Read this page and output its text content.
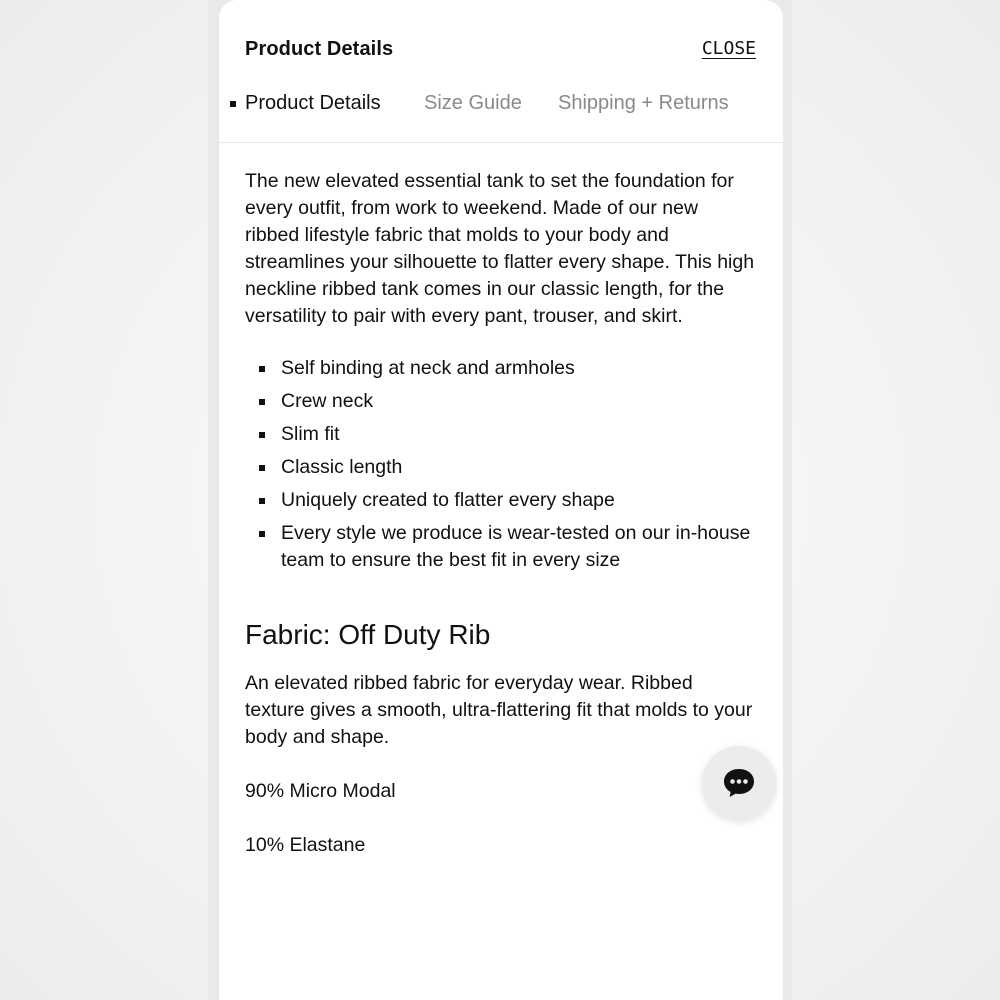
Product Details	CLOSE
Product Details Size Guide Shipping + Returns

The new elevated essential tank to set the foundation for every outfit, from work to weekend. Made of our new ribbed lifestyle fabric that molds to your body and streamlines your silhouette to flatter every shape. This high neckline ribbed tank comes in our classic length, for the versatility to pair with every pant, trouser, and skirt.

Self binding at neck and armholes
Crew neck
Slim fit
Classic length
Uniquely created to flatter every shape
Every style we produce is wear-tested on our in-house team to ensure the best fit in every size
Fabric: Off Duty Rib

An elevated ribbed fabric for everyday wear. Ribbed texture gives a smooth, ultra-flattering fit that molds to your body and shape.

90% Micro Modal

10% Elastane
